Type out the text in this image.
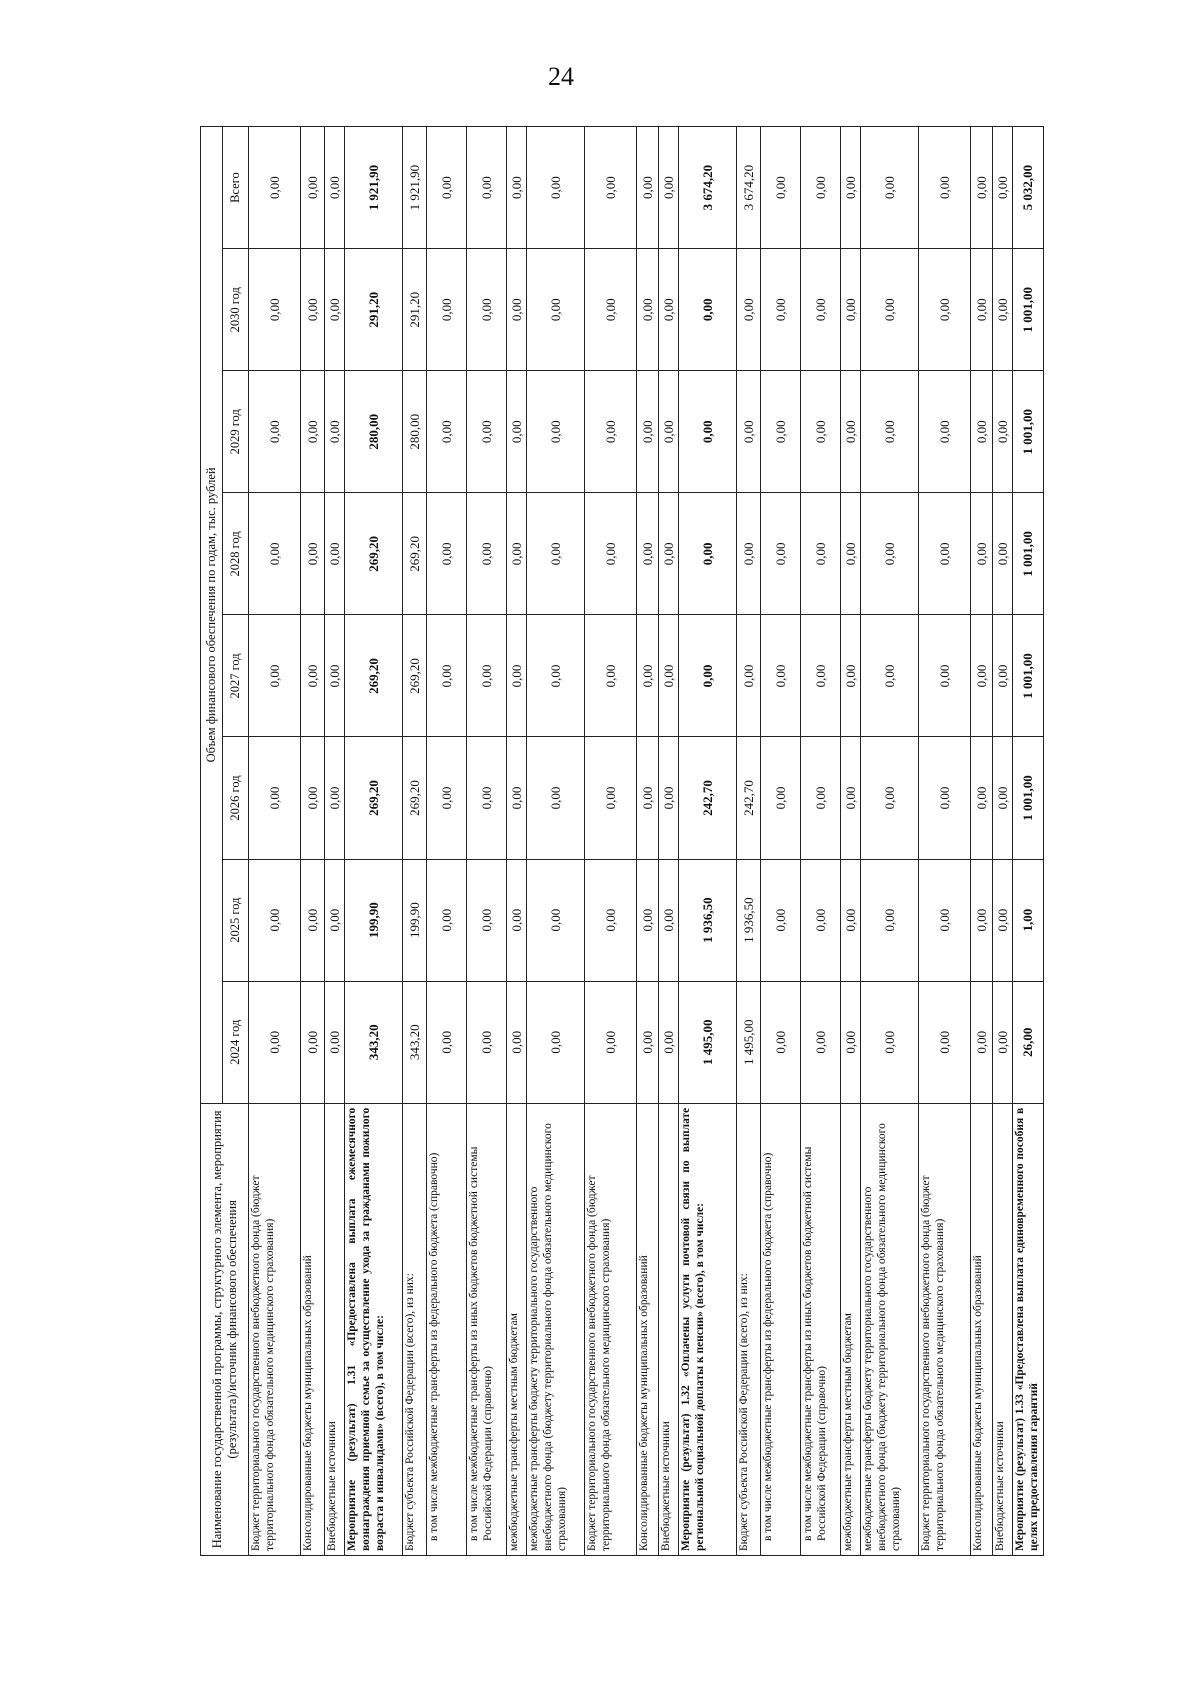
24
Наименование государственной программы, структурного элемента, мероприятия (результата)/источник финансового обеспечения	Объем финансового обеспечения по годам, тыс. рублей							
	2024 год	2025 год	2026 год	2027 год	2028 год	2029 год	2030 год	Всего
Бюджет территориального государственного внебюджетного фонда (бюджет территориального фонда обязательного медицинского страхования)	0,00	0,00	0,00	0,00	0,00	0,00	0,00	0,00
Консолидированные бюджеты муниципальных образований	0,00	0,00	0,00	0,00	0,00	0,00	0,00	0,00
Внебюджетные источники	0,00	0,00	0,00	0,00	0,00	0,00	0,00	0,00
Мероприятие (результат) 1.31 «Предоставлена выплата ежемесячного вознаграждения приемной семье за осуществление ухода за гражданами пожилого возраста и инвалидами» (всего), в том числе:	343,20	199,90	269,20	269,20	269,20	280,00	291,20	1 921,90
Бюджет субъекта Российской Федерации (всего), из них:	343,20	199,90	269,20	269,20	269,20	280,00	291,20	1 921,90
в том числе межбюджетные трансферты из федерального бюджета (справочно)	0,00	0,00	0,00	0,00	0,00	0,00	0,00	0,00
в том числе межбюджетные трансферты из иных бюджетов бюджетной системы Российской Федерации (справочно)	0,00	0,00	0,00	0,00	0,00	0,00	0,00	0,00
межбюджетные трансферты местным бюджетам	0,00	0,00	0,00	0,00	0,00	0,00	0,00	0,00
межбюджетные трансферты бюджету территориального государственного внебюджетного фонда (бюджету территориального фонда обязательного медицинского страхования)	0,00	0,00	0,00	0,00	0,00	0,00	0,00	0,00
Бюджет территориального государственного внебюджетного фонда (бюджет территориального фонда обязательного медицинского страхования)	0,00	0,00	0,00	0,00	0,00	0,00	0,00	0,00
Консолидированные бюджеты муниципальных образований	0,00	0,00	0,00	0,00	0,00	0,00	0,00	0,00
Внебюджетные источники	0,00	0,00	0,00	0,00	0,00	0,00	0,00	0,00
Мероприятие (результат) 1.32 «Оплачены услуги почтовой связи по выплате региональной социальной доплаты к пенсии» (всего), в том числе:	1 495,00	1 936,50	242,70	0,00	0,00	0,00	0,00	3 674,20
Бюджет субъекта Российской Федерации (всего), из них:	1 495,00	1 936,50	242,70	0,00	0,00	0,00	0,00	3 674,20
в том числе межбюджетные трансферты из федерального бюджета (справочно)	0,00	0,00	0,00	0,00	0,00	0,00	0,00	0,00
в том числе межбюджетные трансферты из иных бюджетов бюджетной системы Российской Федерации (справочно)	0,00	0,00	0,00	0,00	0,00	0,00	0,00	0,00
межбюджетные трансферты местным бюджетам	0,00	0,00	0,00	0,00	0,00	0,00	0,00	0,00
межбюджетные трансферты бюджету территориального государственного внебюджетного фонда (бюджету территориального фонда обязательного медицинского страхования)	0,00	0,00	0,00	0,00	0,00	0,00	0,00	0,00
Бюджет территориального государственного внебюджетного фонда (бюджет территориального фонда обязательного медицинского страхования)	0,00	0,00	0,00	0,00	0,00	0,00	0,00	0,00
Консолидированные бюджеты муниципальных образований	0,00	0,00	0,00	0,00	0,00	0,00	0,00	0,00
Внебюджетные источники	0,00	0,00	0,00	0,00	0,00	0,00	0,00	0,00
Мероприятие (результат) 1.33 «Предоставлена выплата единовременного пособия в целях предоставления гарантий	26,00	1,00	1 001,00	1 001,00	1 001,00	1 001,00	1 001,00	5 032,00
